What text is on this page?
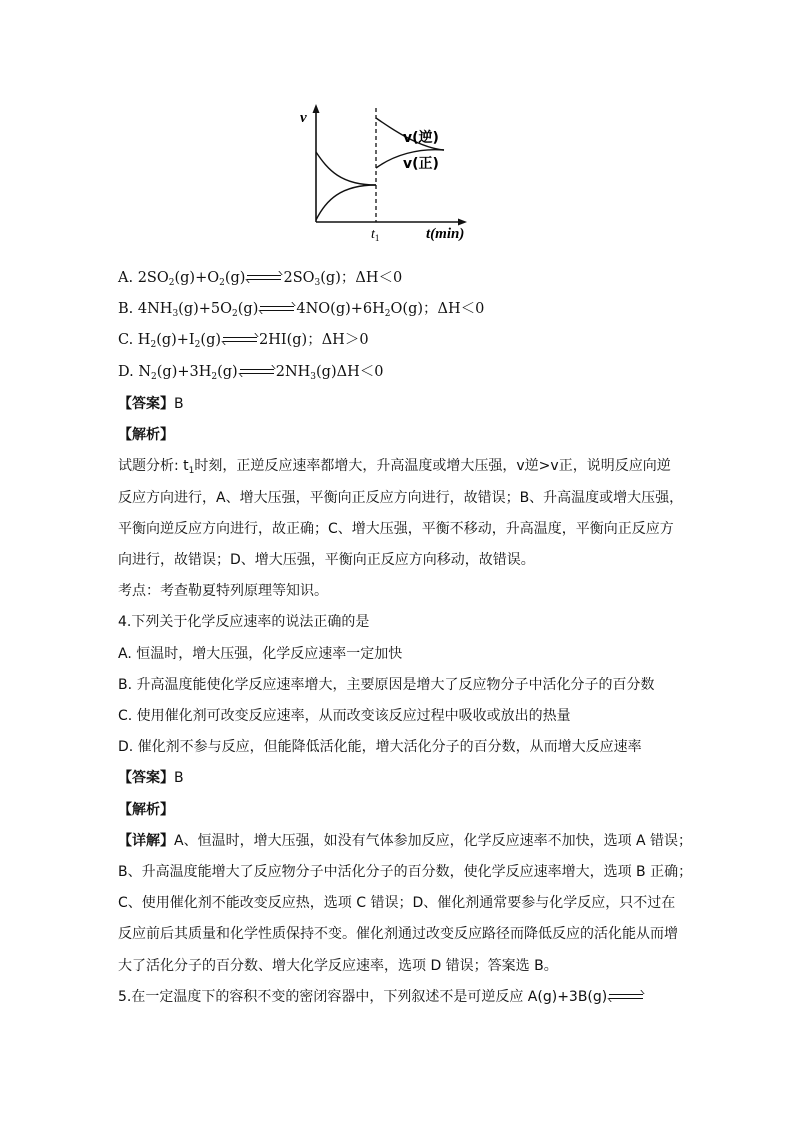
v
v(逆)
v(正)
$t_1$	t(min)
A. $2SO_2(g)+O_2(g)$	$2SO_3(g)$；ΔH＜0
B. $4NH_3(g)+5O_2(g)$	$4NO(g)+6H_2O(g)$；ΔH＜0
C. $H_2(g)+I_2(g)$	2HI(g)；ΔH＞0
D. $N_2(g)+3H_2(g)$	$2NH_3(g)\Delta H<0$
【答案】B
【解析】
试题分析: $t_1$时刻，正逆反应速率都增大，升高温度或增大压强，v逆>v正，说明反应向逆
反应方向进行，A、增大压强，平衡向正反应方向进行，故错误；B、升高温度或增大压强，
平衡向逆反应方向进行，故正确；C、增大压强，平衡不移动，升高温度，平衡向正反应方
向进行，故错误；D、增大压强，平衡向正反应方向移动，故错误。
考点：考查勒夏特列原理等知识。
4.下列关于化学反应速率的说法正确的是
A. 恒温时，增大压强，化学反应速率一定加快
B. 升高温度能使化学反应速率增大，主要原因是增大了反应物分子中活化分子的百分数
C. 使用催化剂可改变反应速率，从而改变该反应过程中吸收或放出的热量
D. 催化剂不参与反应，但能降低活化能，增大活化分子的百分数，从而增大反应速率
【答案】B
【解析】
【详解】A、恒温时，增大压强，如没有气体参加反应，化学反应速率不加快，选项 A 错误；
B、升高温度能增大了反应物分子中活化分子的百分数，使化学反应速率增大，选项 B 正确；
C、使用催化剂不能改变反应热，选项 C 错误；D、催化剂通常要参与化学反应，只不过在
反应前后其质量和化学性质保持不变。催化剂通过改变反应路径而降低反应的活化能从而增
大了活化分子的百分数、增大化学反应速率，选项 D 错误；答案选 B。
5.在一定温度下的容积不变的密闭容器中，下列叙述不是可逆反应 A(g)+3B(g)
